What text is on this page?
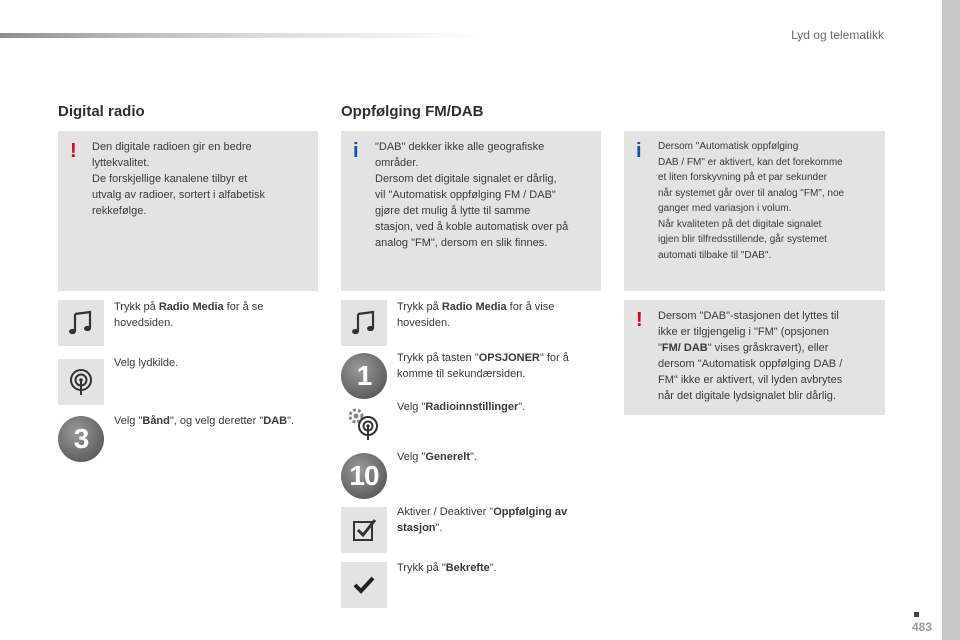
Lyd og telematikk
Digital radio
! Den digitale radioen gir en bedre
lyttekvalitet.
De forskjellige kanalene tilbyr et
utvalg av radioer, sortert i alfabetisk
rekkefølge.
Trykk på Radio Media for å se
hovedsiden.
Velg lydkilde.
3
Velg "Bånd", og velg deretter "DAB".
Oppfølging FM/DAB
i "DAB" dekker ikke alle geografiske
områder.
Dersom det digitale signalet er dårlig,
vil "Automatisk oppfølging FM / DAB"
gjøre det mulig å lytte til samme
stasjon, ved å koble automatisk over på
analog "FM", dersom en slik finnes.
i Dersom "Automatisk oppfølging
DAB / FM" er aktivert, kan det forekomme
et liten forskyvning på et par sekunder
når systemet går over til analog "FM", noe
ganger med variasjon i volum.
Når kvaliteten på det digitale signalet
igjen blir tilfredsstillende, går systemet
automati tilbake til "DAB".
! Dersom "DAB"-stasjonen det lyttes til
ikke er tilgjengelig i "FM" (opsjonen
"FM/ DAB" vises gråskravert), eller
dersom "Automatisk oppfølging DAB /
FM" ikke er aktivert, vil lyden avbrytes
når det digitale lydsignalet blir dårlig.
Trykk på Radio Media for å vise
hovesiden.
1
Trykk på tasten "OPSJONER" for å
komme til sekundærsiden.
Velg "Radioinnstillinger".
10
Velg "Generelt".
Aktiver / Deaktiver "Oppfølging av
stasjon".
Trykk på "Bekrefte".
483
